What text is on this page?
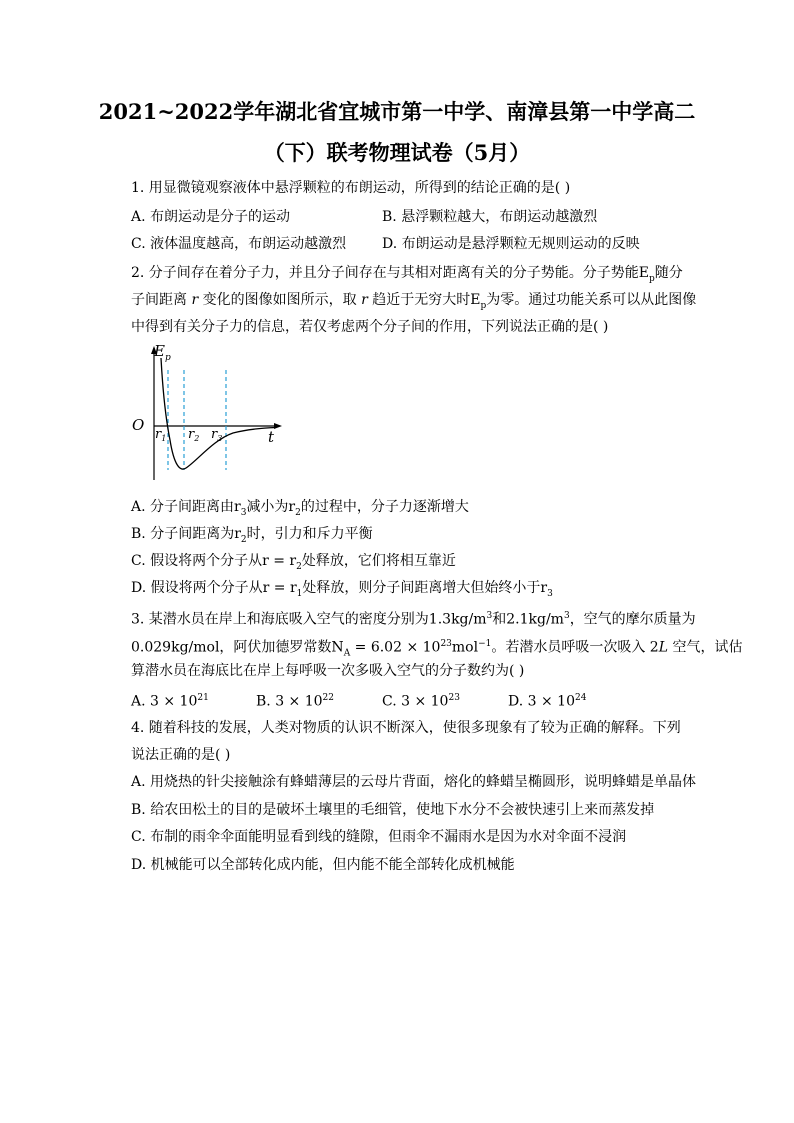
2021~2022学年湖北省宜城市第一中学、南漳县第一中学高二
（下）联考物理试卷（5月）
1. 用显微镜观察液体中悬浮颗粒的布朗运动，所得到的结论正确的是( )
A. 布朗运动是分子的运动	B. 悬浮颗粒越大，布朗运动越激烈
C. 液体温度越高，布朗运动越激烈	D. 布朗运动是悬浮颗粒无规则运动的反映
2. 分子间存在着分子力，并且分子间存在与其相对距离有关的分子势能。分子势能$E_p$随分
子间距离 r 变化的图像如图所示，取 r 趋近于无穷大时$E_p$为零。通过功能关系可以从此图像
中得到有关分子力的信息，若仅考虑两个分子间的作用，下列说法正确的是( )
$E_p$
O
t
$r_1$ $r_2$ $r_3$
A. 分子间距离由$r_3$减小为$r_2$的过程中，分子力逐渐增大
B. 分子间距离为$r_2$时，引力和斥力平衡
C. 假设将两个分子从$r = r_2$处释放，它们将相互靠近
D. 假设将两个分子从$r = r_1$处释放，则分子间距离增大但始终小于$r_3$
3. 某潜水员在岸上和海底吸入空气的密度分别为$1.3kg/m^3$和$2.1kg/m^3$，空气的摩尔质量为
0.029kg/mol，阿伏加德罗常数$N_A = 6.02 \times 10^{23}mol^{-1}$。若潜水员呼吸一次吸入 2L 空气，试估
算潜水员在海底比在岸上每呼吸一次多吸入空气的分子数约为( )
A. $3 \times 10^{21}$	B. $3 \times 10^{22}$	C. $3 \times 10^{23}$	D. $3 \times 10^{24}$
4. 随着科技的发展，人类对物质的认识不断深入，使很多现象有了较为正确的解释。下列
说法正确的是( )
A. 用烧热的针尖接触涂有蜂蜡薄层的云母片背面，熔化的蜂蜡呈椭圆形，说明蜂蜡是单晶体
B. 给农田松土的目的是破坏土壤里的毛细管，使地下水分不会被快速引上来而蒸发掉
C. 布制的雨伞伞面能明显看到线的缝隙，但雨伞不漏雨水是因为水对伞面不浸润
D. 机械能可以全部转化成内能，但内能不能全部转化成机械能
